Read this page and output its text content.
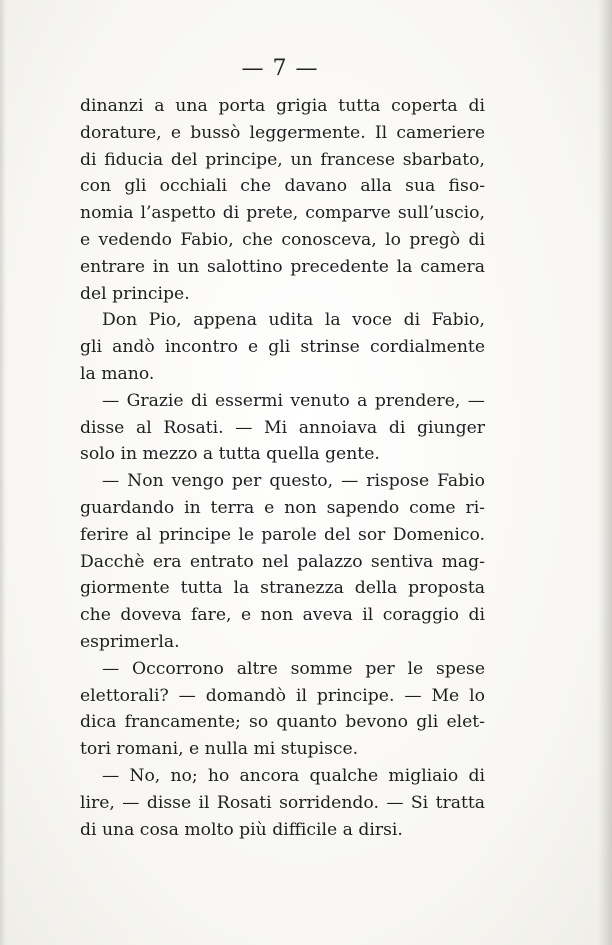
— 7 —
dinanzi a una porta grigia tutta coperta di
dorature, e bussò leggermente. Il cameriere
di fiducia del principe, un francese sbarbato,
con gli occhiali che davano alla sua fiso-
nomia l’aspetto di prete, comparve sull’uscio,
e vedendo Fabio, che conosceva, lo pregò di
entrare in un salottino precedente la camera
del principe.
Don Pio, appena udita la voce di Fabio,
gli andò incontro e gli strinse cordialmente
la mano.
— Grazie di essermi venuto a prendere, —
disse al Rosati. — Mi annoiava di giunger
solo in mezzo a tutta quella gente.
— Non vengo per questo, — rispose Fabio
guardando in terra e non sapendo come ri-
ferire al principe le parole del sor Domenico.
Dacchè era entrato nel palazzo sentiva mag-
giormente tutta la stranezza della proposta
che doveva fare, e non aveva il coraggio di
esprimerla.
— Occorrono altre somme per le spese
elettorali? — domandò il principe. — Me lo
dica francamente; so quanto bevono gli elet-
tori romani, e nulla mi stupisce.
— No, no; ho ancora qualche migliaio di
lire, — disse il Rosati sorridendo. — Si tratta
di una cosa molto più difficile a dirsi.
